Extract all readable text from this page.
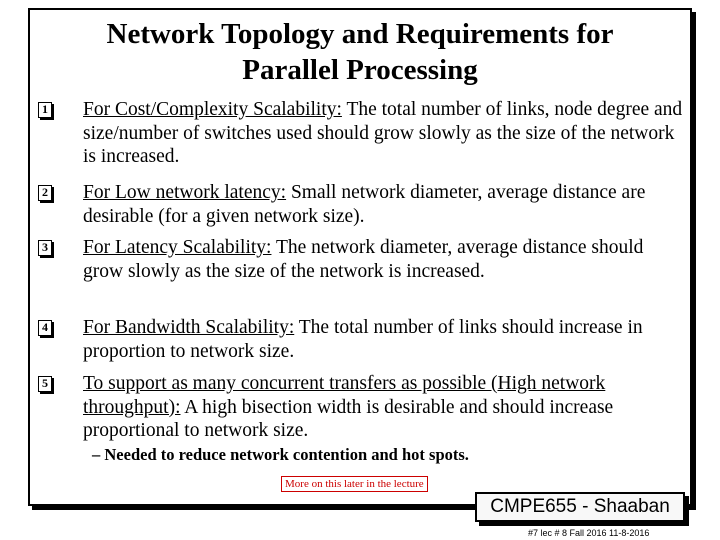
Network Topology and Requirements for
Parallel Processing
1 For Cost/Complexity Scalability: The total number of links, node degree and size/number of switches used should grow slowly as the size of the network is increased.
2 For Low network latency: Small network diameter, average distance are desirable (for a given network size).
3 For Latency Scalability: The network diameter, average distance should grow slowly as the size of the network is increased.
4 For Bandwidth Scalability: The total number of links should increase in proportion to network size.
5 To support as many concurrent transfers as possible (High network throughput): A high bisection width is desirable and should increase proportional to network size.
– Needed to reduce network contention and hot spots.
More on this later in the lecture
CMPE655 - Shaaban
#7 lec # 8 Fall 2016 11-8-2016
